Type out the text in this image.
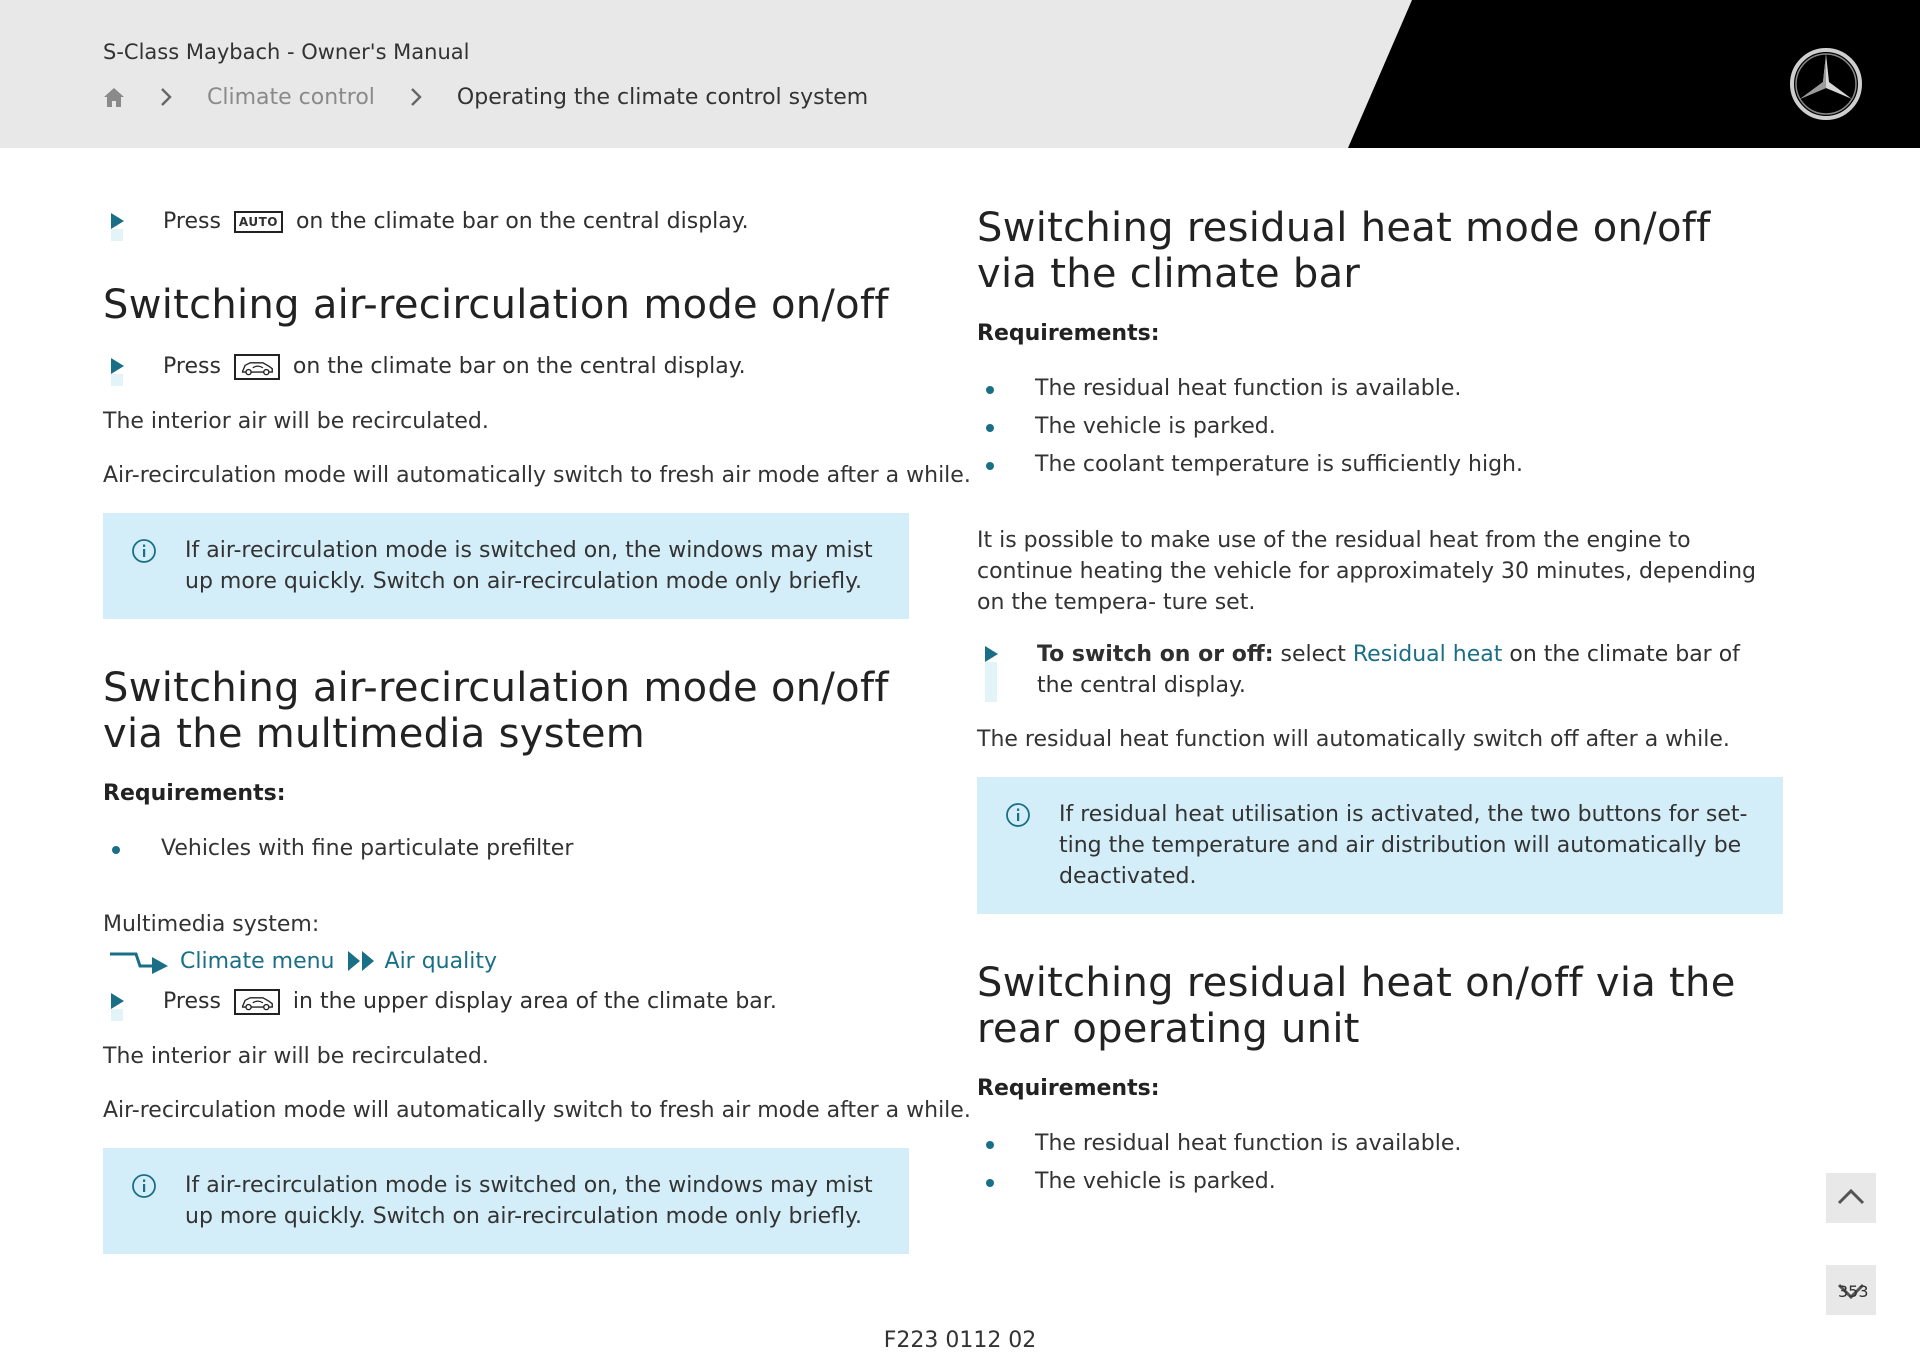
S-Class Maybach - Owner's Manual
Climate control	Operating the climate control system
Press AUTO on the climate bar on the central display.
Switching air-recirculation mode on/off
Press	on the climate bar on the central display.
The interior air will be recirculated.
Air-recirculation mode will automatically switch to fresh air mode after a while.
If air-recirculation mode is switched on, the windows may mist up more quickly. Switch on air-recirculation mode only briefly.
Switching air-recirculation mode on/off via the multimedia system
Requirements:
Vehicles with fine particulate prefilter
Multimedia system:
Climate menu Air quality
Press	in the upper display area of the climate bar.
The interior air will be recirculated.
Air-recirculation mode will automatically switch to fresh air mode after a while.
If air-recirculation mode is switched on, the windows may mist up more quickly. Switch on air-recirculation mode only briefly.
Switching residual heat mode on/off via the climate bar
Requirements:
The residual heat function is available.
The vehicle is parked.
The coolant temperature is sufficiently high.
It is possible to make use of the residual heat from the engine to continue heating the vehicle for approximately 30 minutes, depending on the tempera- ture set.
To switch on or off: select Residual heat on the climate bar of the central display.
The residual heat function will automatically switch off after a while.
If residual heat utilisation is activated, the two buttons for set- ting the temperature and air distribution will automatically be deactivated.
Switching residual heat on/off via the rear operating unit
Requirements:
The residual heat function is available.
The vehicle is parked.
353
F223 0112 02
